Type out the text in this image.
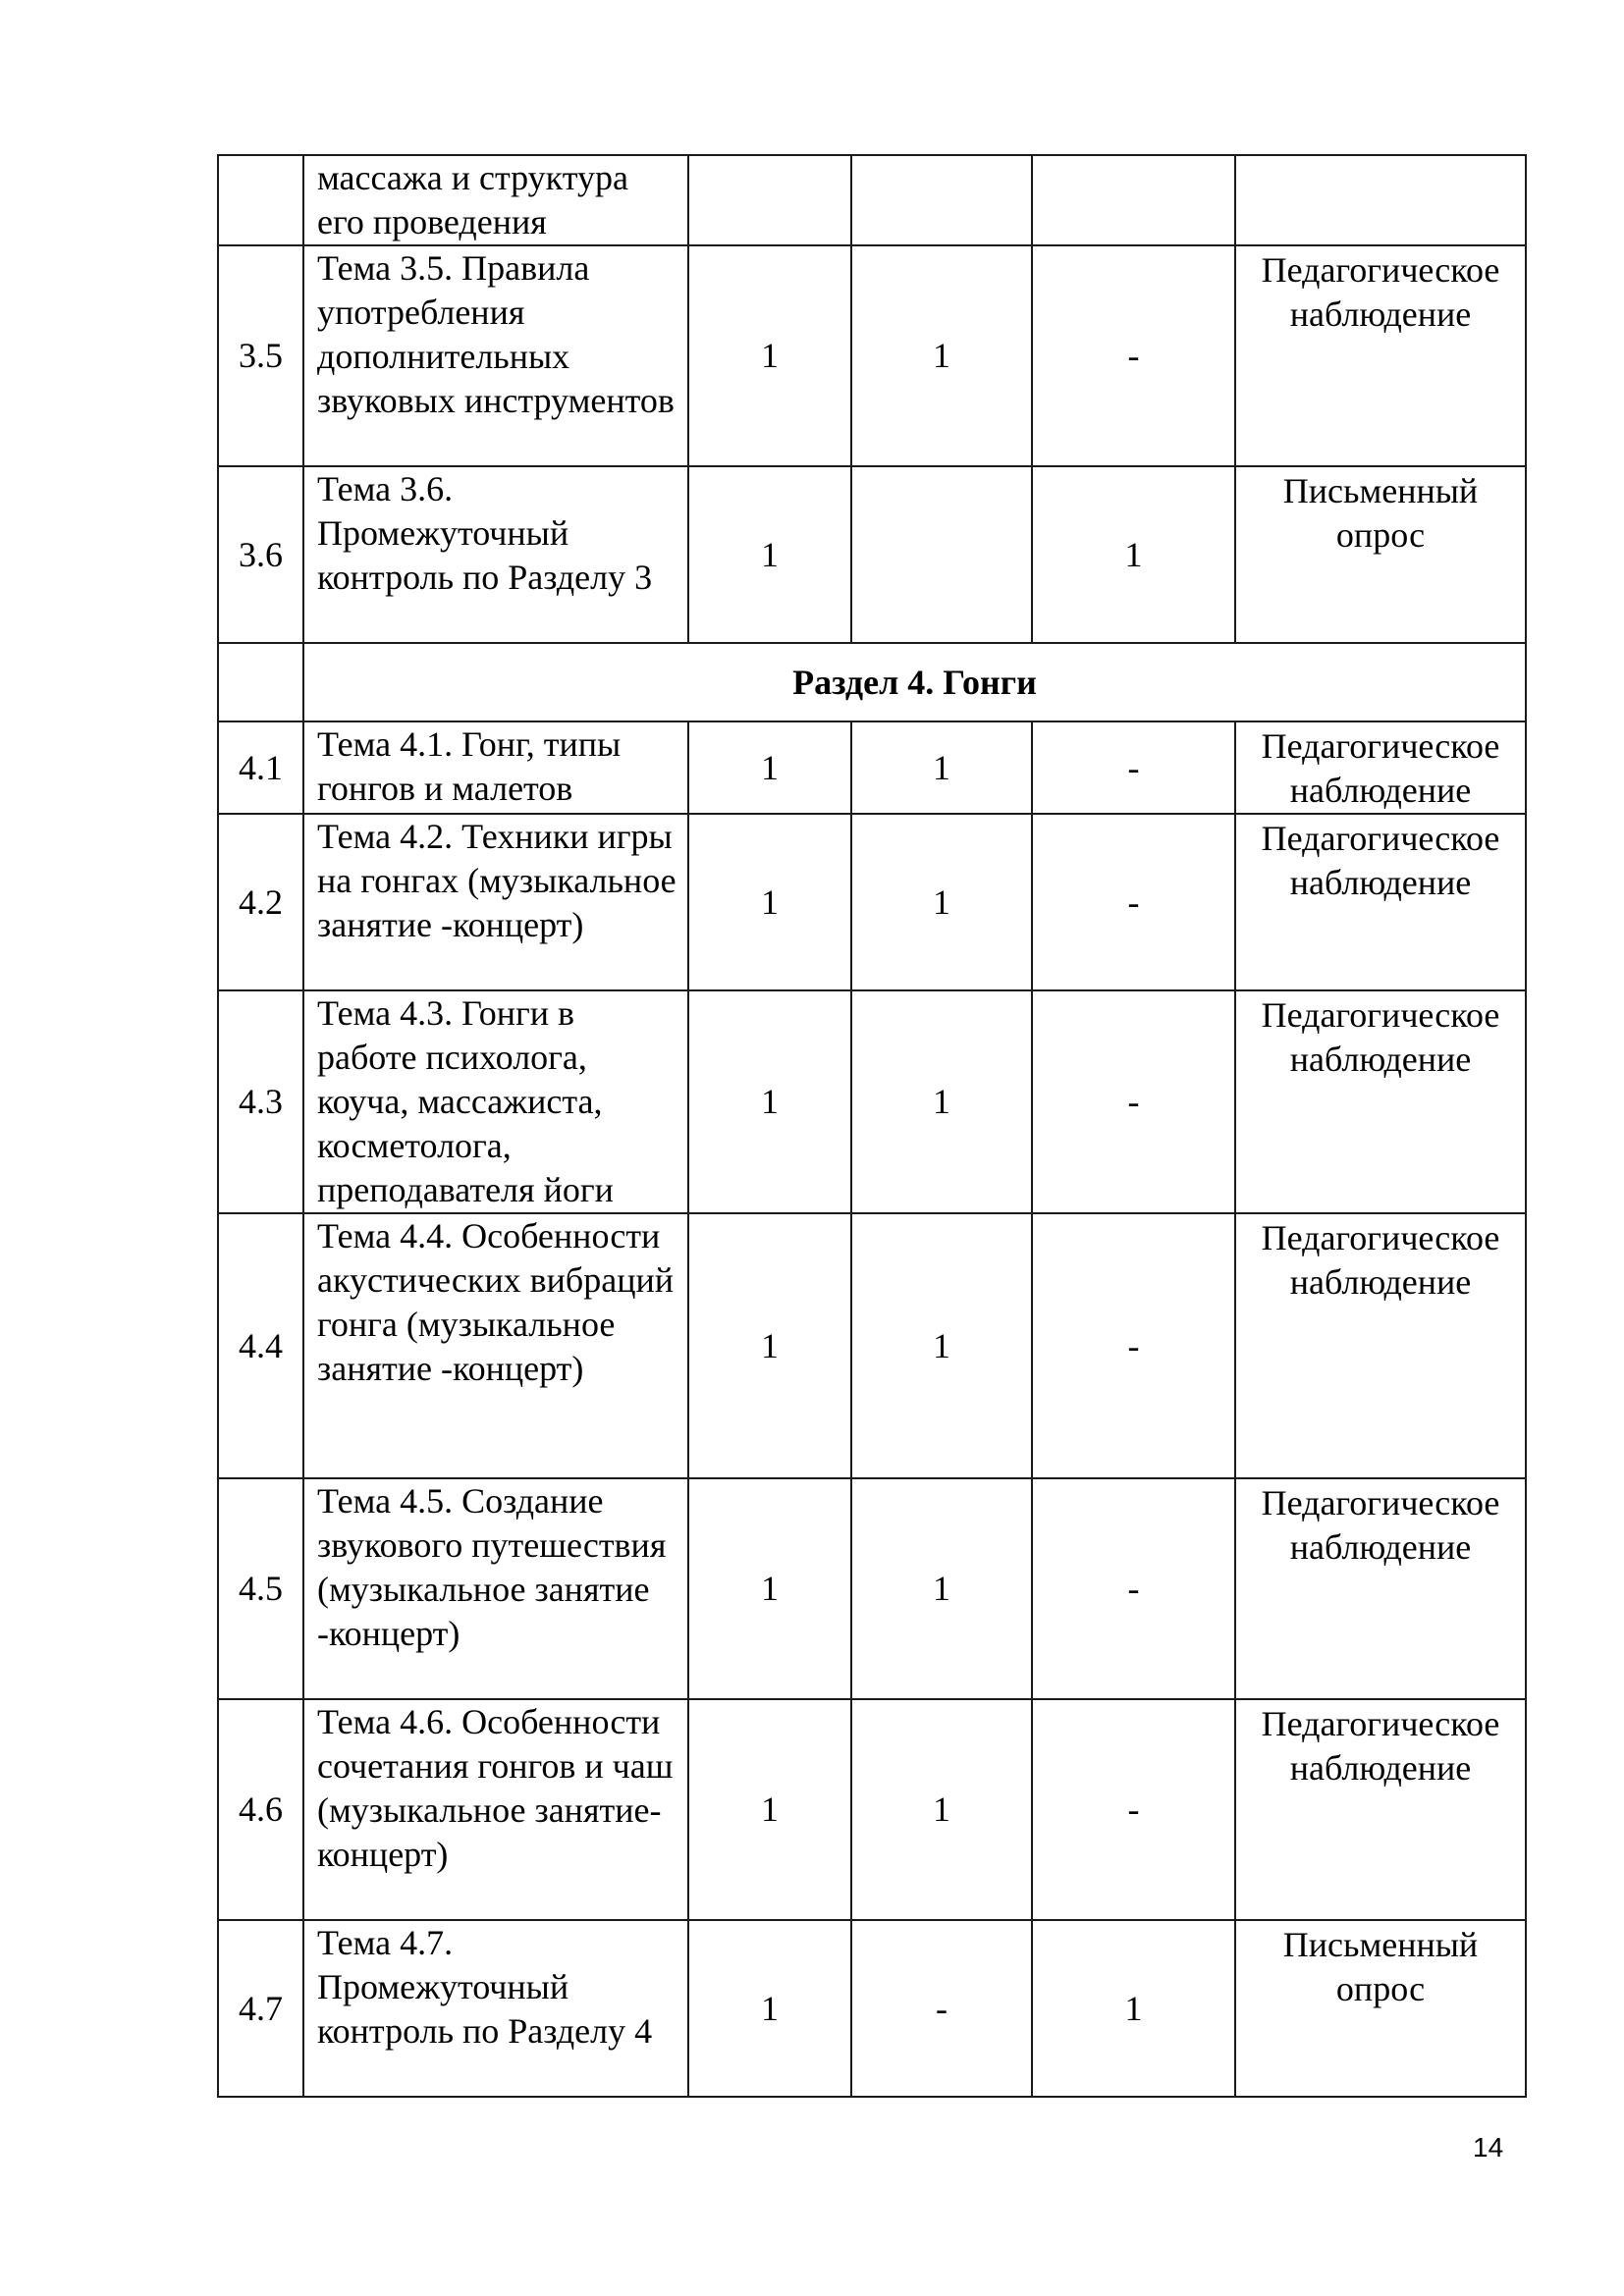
	массажа и структура его проведения				
3.5	Тема 3.5. Правила употребления дополнительных звуковых инструментов	1	1	-	Педагогическое наблюдение
3.6	Тема 3.6. Промежуточный контроль по Разделу 3	1		1	Письменный опрос
	Раздел 4. Гонги				
4.1	Тема 4.1. Гонг, типы гонгов и малетов	1	1	-	Педагогическое наблюдение
4.2	Тема 4.2. Техники игры на гонгах (музыкальное занятие -концерт)	1	1	-	Педагогическое наблюдение
4.3	Тема 4.3. Гонги в работе психолога, коуча, массажиста, косметолога, преподавателя йоги	1	1	-	Педагогическое наблюдение
4.4	Тема 4.4. Особенности акустических вибраций гонга (музыкальное занятие -концерт)	1	1	-	Педагогическое наблюдение
4.5	Тема 4.5. Создание звукового путешествия (музыкальное занятие -концерт)	1	1	-	Педагогическое наблюдение
4.6	Тема 4.6. Особенности сочетания гонгов и чаш (музыкальное занятие-концерт)	1	1	-	Педагогическое наблюдение
4.7	Тема 4.7. Промежуточный контроль по Разделу 4	1	-	1	Письменный опрос
14
